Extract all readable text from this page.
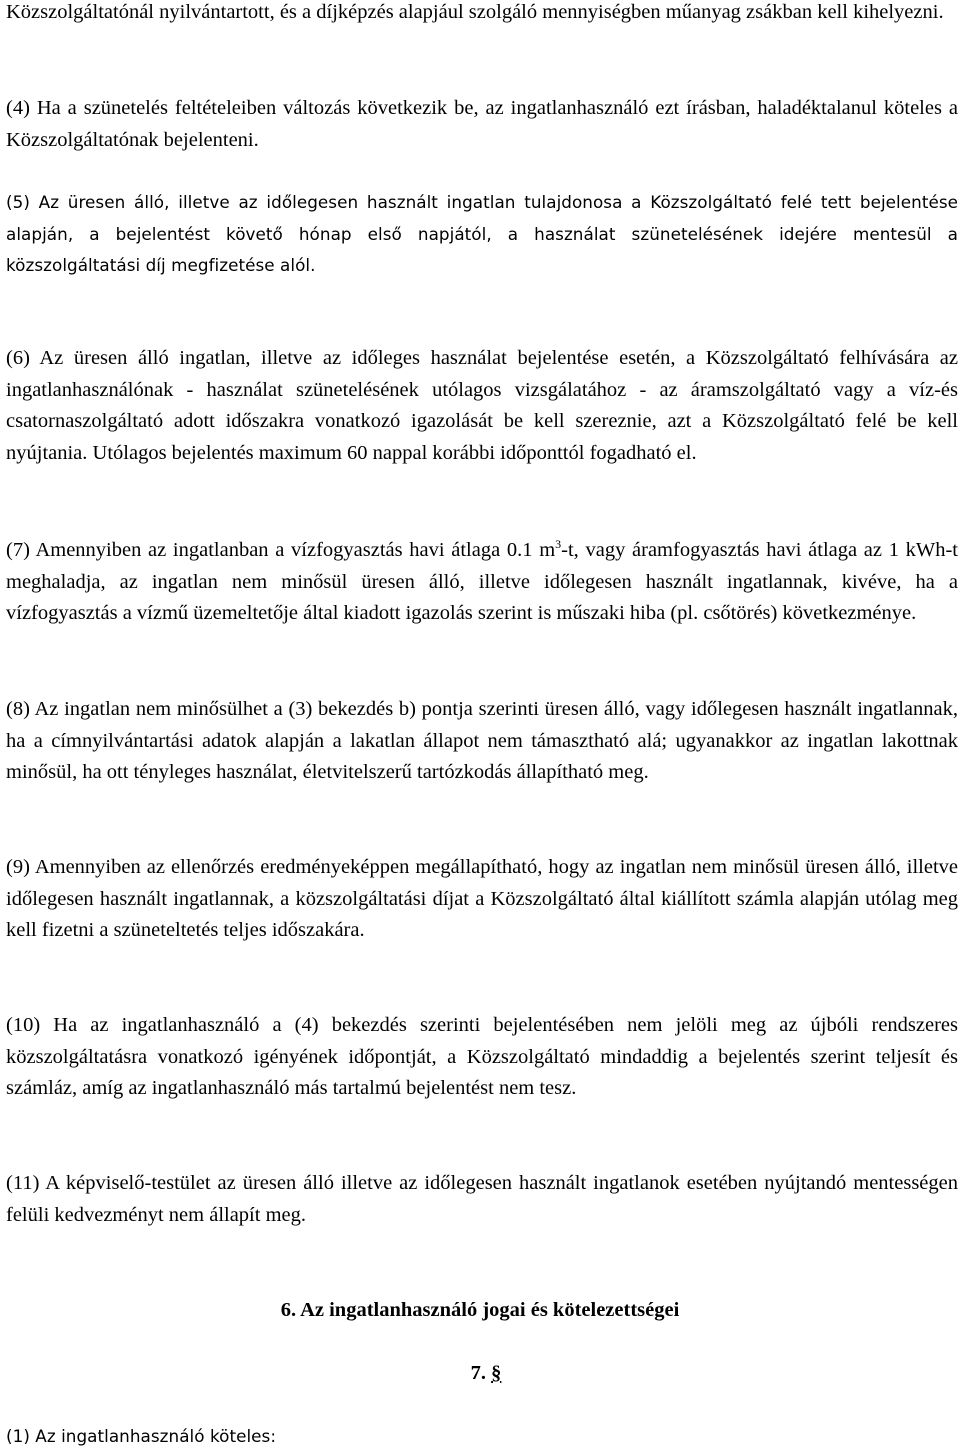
Közszolgáltatónál nyilvántartott, és a díjképzés alapjául szolgáló mennyiségben műanyag zsákban kell kihelyezni.

(4) Ha a szünetelés feltételeiben változás következik be, az ingatlanhasználó ezt írásban, haladéktalanul köteles a Közszolgáltatónak bejelenteni.

(5) Az üresen álló, illetve az időlegesen használt ingatlan tulajdonosa a Közszolgáltató felé tett bejelentése alapján, a bejelentést követő hónap első napjától, a használat szünetelésének idejére mentesül a közszolgáltatási díj megfizetése alól.

(6) Az üresen álló ingatlan, illetve az időleges használat bejelentése esetén, a Közszolgáltató felhívására az ingatlanhasználónak - használat szünetelésének utólagos vizsgálatához - az áramszolgáltató vagy a víz-és csatornaszolgáltató adott időszakra vonatkozó igazolását be kell szereznie, azt a Közszolgáltató felé be kell nyújtania. Utólagos bejelentés maximum 60 nappal korábbi időponttól fogadható el.

(7) Amennyiben az ingatlanban a vízfogyasztás havi átlaga 0.1 $m^3-t$, vagy áramfogyasztás havi átlaga az 1 kWh-t meghaladja, az ingatlan nem minősül üresen álló, illetve időlegesen használt ingatlannak, kivéve, ha a vízfogyasztás a vízmű üzemeltetője által kiadott igazolás szerint is műszaki hiba (pl. csőtörés) következménye.

(8) Az ingatlan nem minősülhet a (3) bekezdés b) pontja szerinti üresen álló, vagy időlegesen használt ingatlannak, ha a címnyilvántartási adatok alapján a lakatlan állapot nem támasztható alá; ugyanakkor az ingatlan lakottnak minősül, ha ott tényleges használat, életvitelszerű tartózkodás állapítható meg.

(9) Amennyiben az ellenőrzés eredményeképpen megállapítható, hogy az ingatlan nem minősül üresen álló, illetve időlegesen használt ingatlannak, a közszolgáltatási díjat a Közszolgáltató által kiállított számla alapján utólag meg kell fizetni a szüneteltetés teljes időszakára.

(10) Ha az ingatlanhasználó a (4) bekezdés szerinti bejelentésében nem jelöli meg az újbóli rendszeres közszolgáltatásra vonatkozó igényének időpontját, a Közszolgáltató mindaddig a bejelentés szerint teljesít és számláz, amíg az ingatlanhasználó más tartalmú bejelentést nem tesz.

(11) A képviselő-testület az üresen álló illetve az időlegesen használt ingatlanok esetében nyújtandó mentességen felüli kedvezményt nem állapít meg.

6. Az ingatlanhasználó jogai és kötelezettségei

7. §

(1) Az ingatlanhasználó köteles:
